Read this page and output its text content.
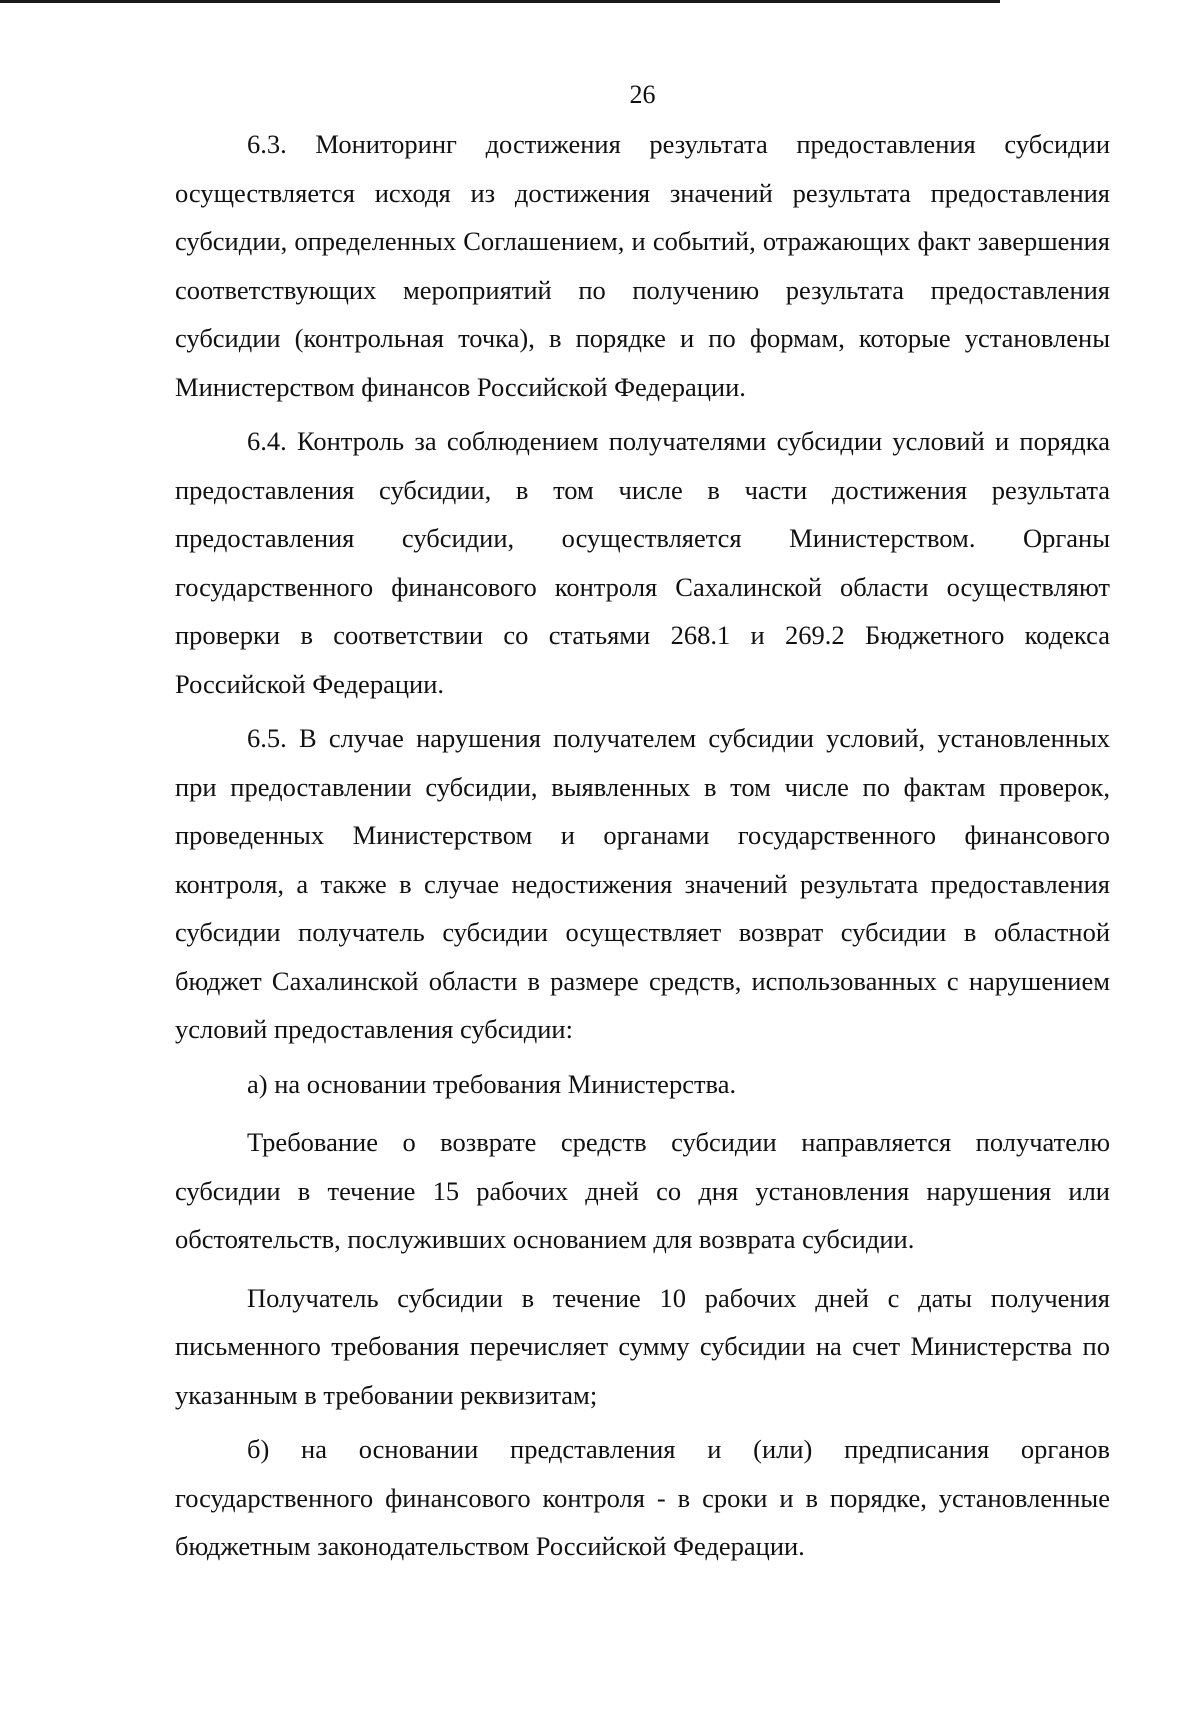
26

6.3. Мониторинг достижения результата предоставления субсидии осуществляется исходя из достижения значений результата предоставления субсидии, определенных Соглашением, и событий, отражающих факт завершения соответствующих мероприятий по получению результата предоставления субсидии (контрольная точка), в порядке и по формам, которые установлены Министерством финансов Российской Федерации.

6.4. Контроль за соблюдением получателями субсидии условий и порядка предоставления субсидии, в том числе в части достижения результата предоставления субсидии, осуществляется Министерством. Органы государственного финансового контроля Сахалинской области осуществляют проверки в соответствии со статьями 268.1 и 269.2 Бюджетного кодекса Российской Федерации.

6.5. В случае нарушения получателем субсидии условий, установленных при предоставлении субсидии, выявленных в том числе по фактам проверок, проведенных Министерством и органами государственного финансового контроля, а также в случае недостижения значений результата предоставления субсидии получатель субсидии осуществляет возврат субсидии в областной бюджет Сахалинской области в размере средств, использованных с нарушением условий предоставления субсидии:

а) на основании требования Министерства.

Требование о возврате средств субсидии направляется получателю субсидии в течение 15 рабочих дней со дня установления нарушения или обстоятельств, послуживших основанием для возврата субсидии.

Получатель субсидии в течение 10 рабочих дней с даты получения письменного требования перечисляет сумму субсидии на счет Министерства по указанным в требовании реквизитам;

б) на основании представления и (или) предписания органов государственного финансового контроля - в сроки и в порядке, установленные бюджетным законодательством Российской Федерации.
